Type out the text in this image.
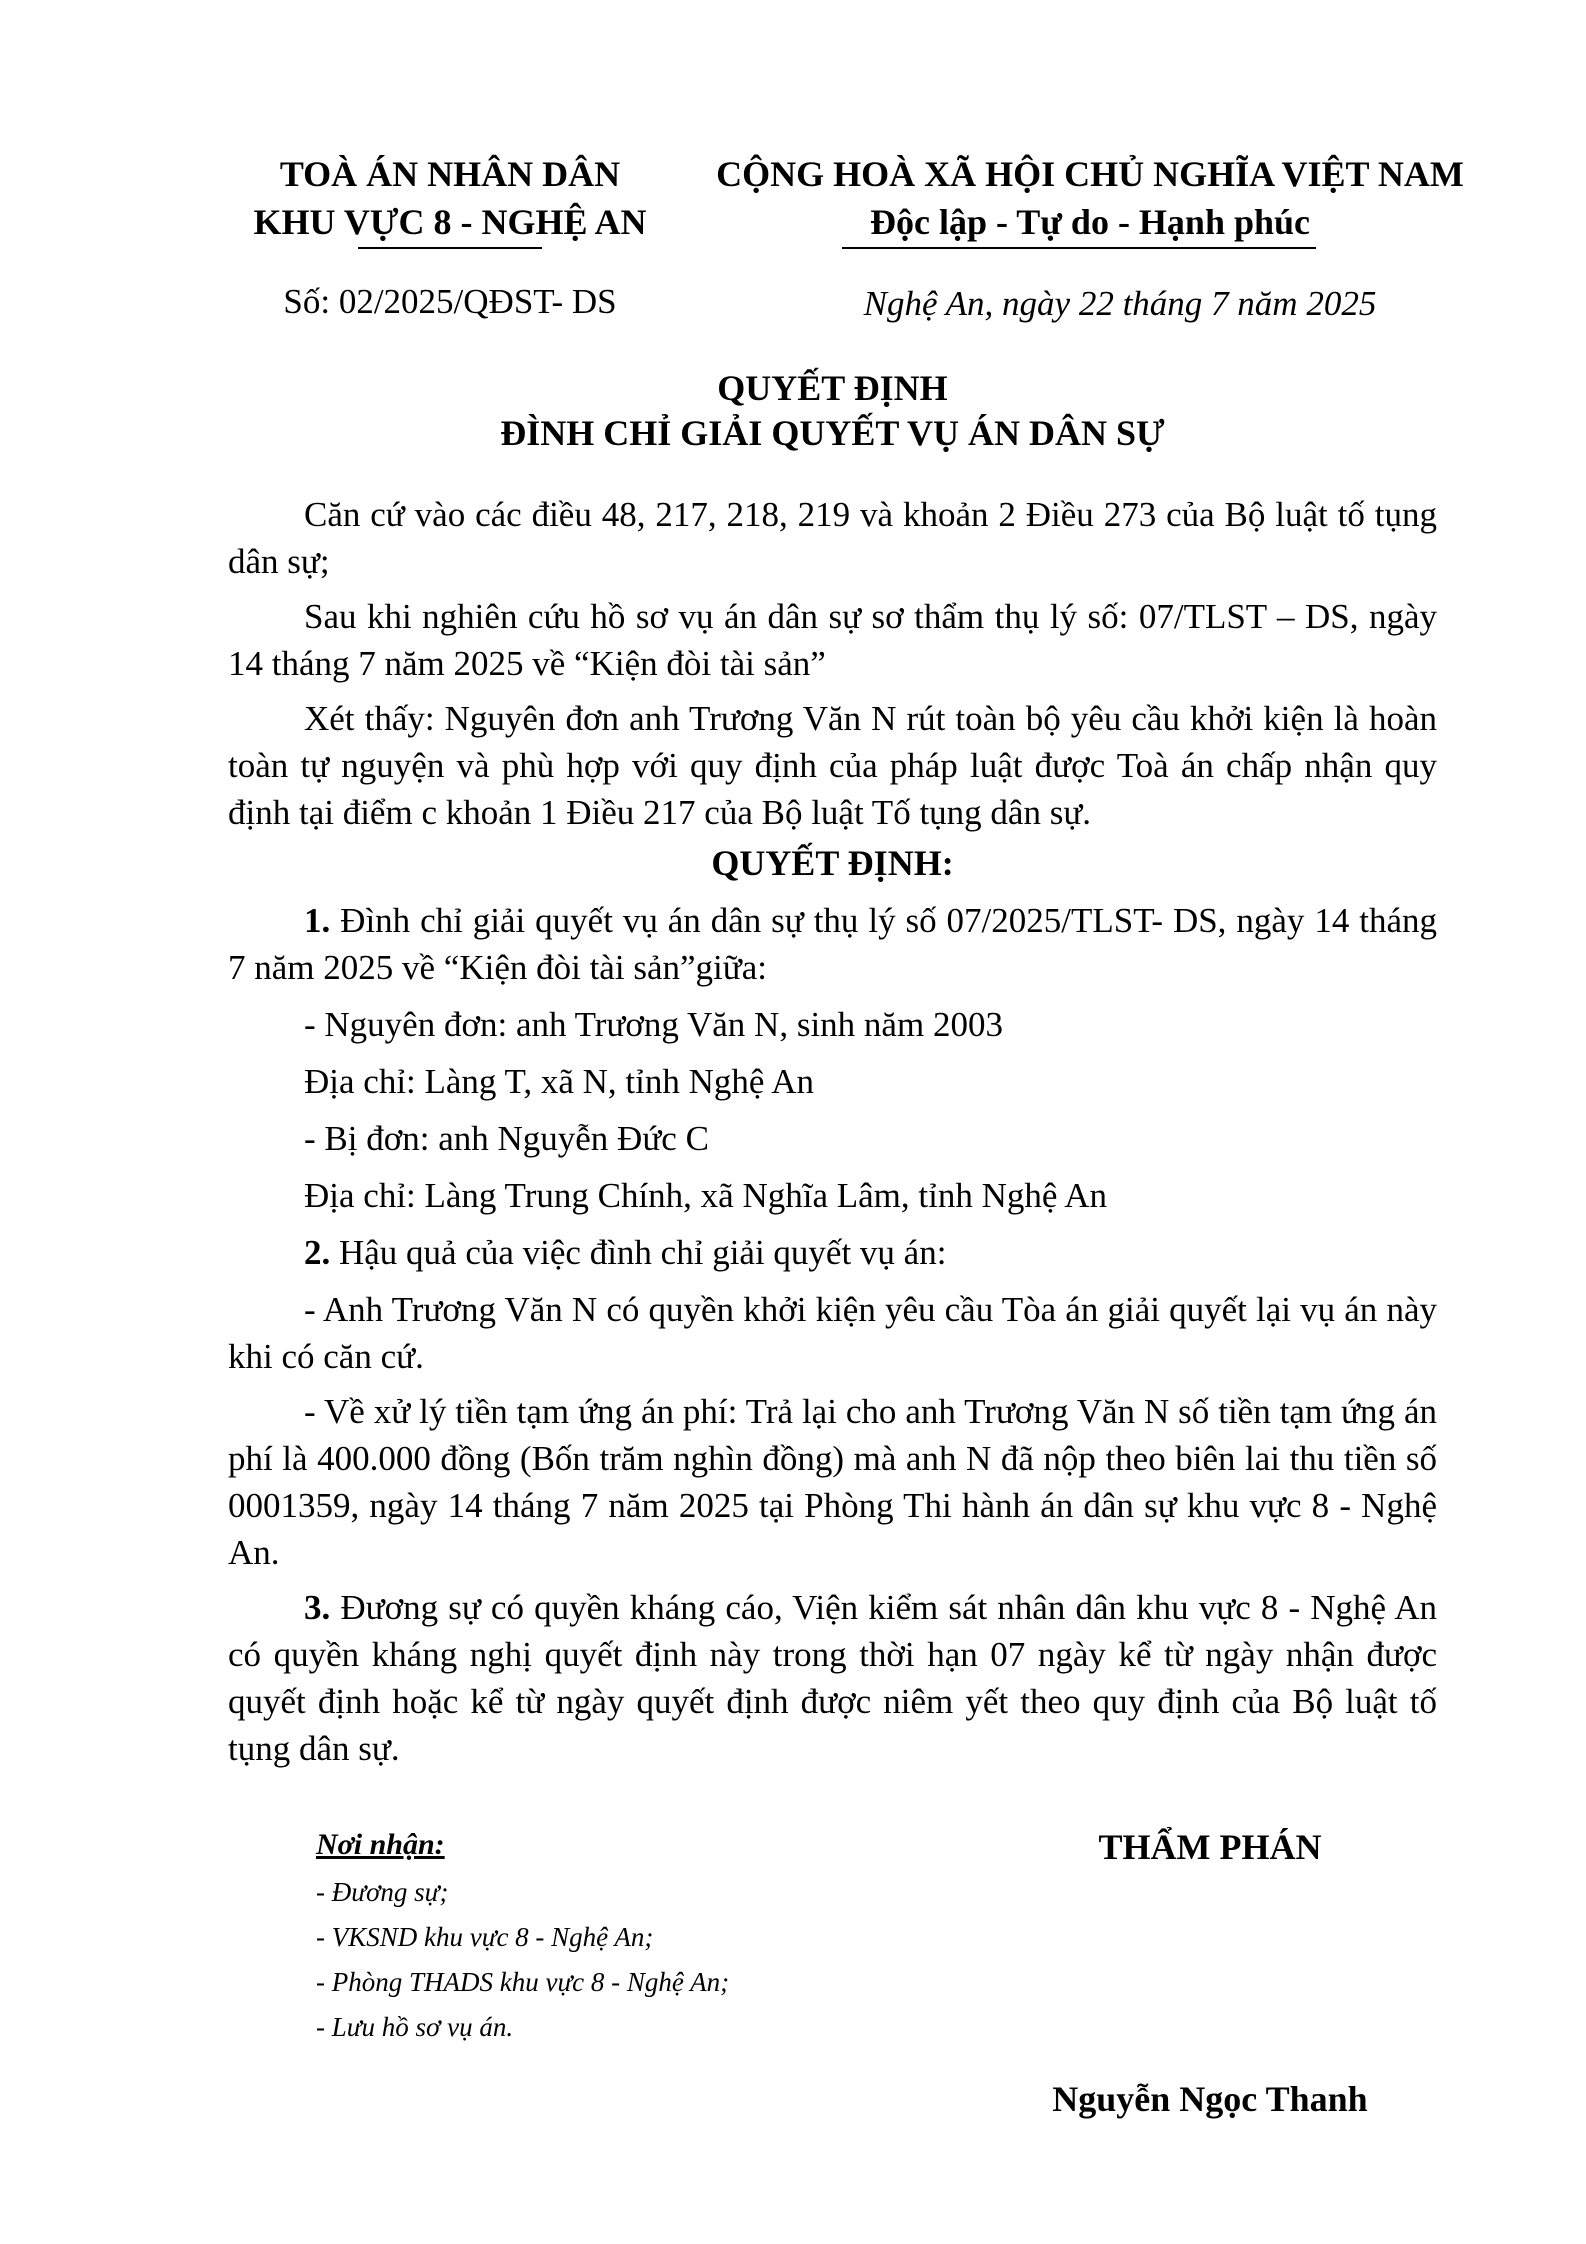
TOÀ ÁN NHÂN DÂN
KHU VỰC 8 - NGHỆ AN
CỘNG HOÀ XÃ HỘI CHỦ NGHĨA VIỆT NAM
Độc lập - Tự do - Hạnh phúc
Số: 02/2025/QĐST- DS	Nghệ An, ngày 22 tháng 7 năm 2025
QUYẾT ĐỊNH
ĐÌNH CHỈ GIẢI QUYẾT VỤ ÁN DÂN SỰ
Căn cứ vào các điều 48, 217, 218, 219 và khoản 2 Điều 273 của Bộ luật tố tụng dân sự;
Sau khi nghiên cứu hồ sơ vụ án dân sự sơ thẩm thụ lý số: 07/TLST – DS, ngày 14 tháng 7 năm 2025 về “Kiện đòi tài sản”
Xét thấy: Nguyên đơn anh Trương Văn N rút toàn bộ yêu cầu khởi kiện là hoàn toàn tự nguyện và phù hợp với quy định của pháp luật được Toà án chấp nhận quy định tại điểm c khoản 1 Điều 217 của Bộ luật Tố tụng dân sự.
QUYẾT ĐỊNH:
1. Đình chỉ giải quyết vụ án dân sự thụ lý số 07/2025/TLST- DS, ngày 14 tháng 7 năm 2025 về “Kiện đòi tài sản”giữa:
- Nguyên đơn: anh Trương Văn N, sinh năm 2003
Địa chỉ: Làng T, xã N, tỉnh Nghệ An
- Bị đơn: anh Nguyễn Đức C
Địa chỉ: Làng Trung Chính, xã Nghĩa Lâm, tỉnh Nghệ An
2. Hậu quả của việc đình chỉ giải quyết vụ án:
- Anh Trương Văn N có quyền khởi kiện yêu cầu Tòa án giải quyết lại vụ án này khi có căn cứ.
- Về xử lý tiền tạm ứng án phí: Trả lại cho anh Trương Văn N số tiền tạm ứng án phí là 400.000 đồng (Bốn trăm nghìn đồng) mà anh N đã nộp theo biên lai thu tiền số 0001359, ngày 14 tháng 7 năm 2025 tại Phòng Thi hành án dân sự khu vực 8 - Nghệ An.
3. Đương sự có quyền kháng cáo, Viện kiểm sát nhân dân khu vực 8 - Nghệ An có quyền kháng nghị quyết định này trong thời hạn 07 ngày kể từ ngày nhận được quyết định hoặc kể từ ngày quyết định được niêm yết theo quy định của Bộ luật tố tụng dân sự.
Nơi nhận:
- Đương sự;
- VKSND khu vực 8 - Nghệ An;
- Phòng THADS khu vực 8 - Nghệ An;
- Lưu hồ sơ vụ án.
THẨM PHÁN
Nguyễn Ngọc Thanh
